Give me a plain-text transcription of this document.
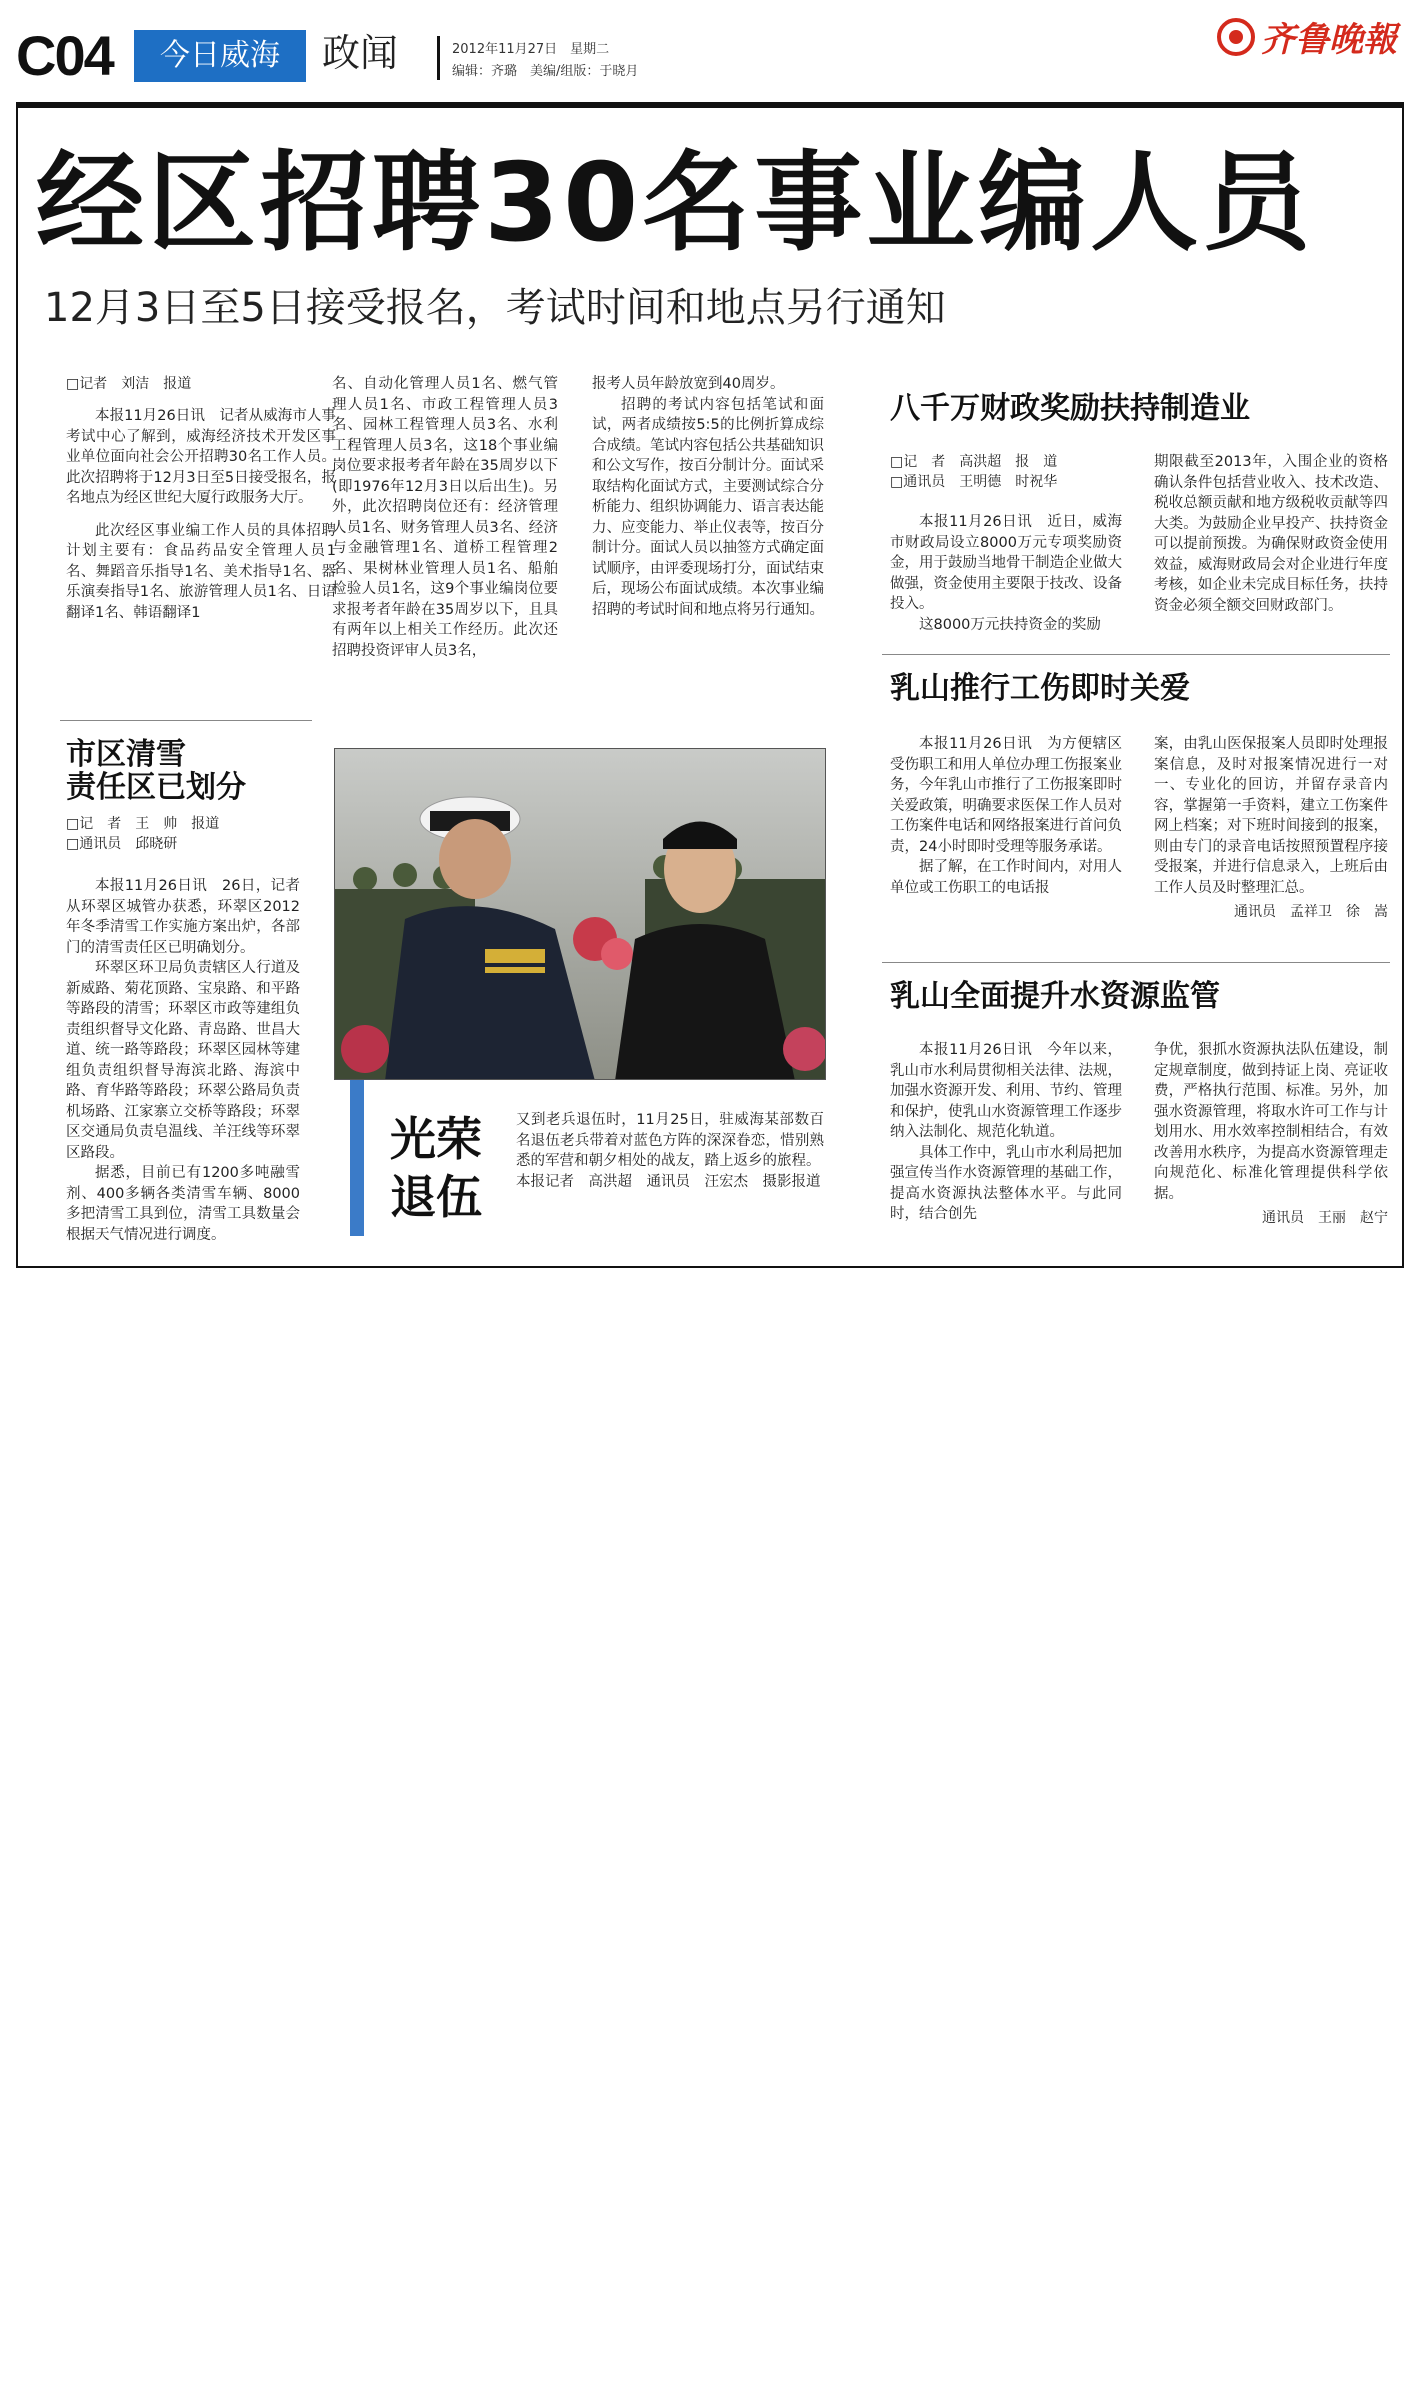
C04	今日威海	政闻	2012年11月27日　星期二
编辑：齐璐　美编/组版：于晓月
齐鲁晚報
经区招聘30名事业编人员
12月3日至5日接受报名，考试时间和地点另行通知
□记者　刘洁　报道

本报11月26日讯　记者从威海市人事考试中心了解到，威海经济技术开发区事业单位面向社会公开招聘30名工作人员。此次招聘将于12月3日至5日接受报名，报名地点为经区世纪大厦行政服务大厅。

此次经区事业编工作人员的具体招聘计划主要有：食品药品安全管理人员1名、舞蹈音乐指导1名、美术指导1名、器乐演奏指导1名、旅游管理人员1名、日语翻译1名、韩语翻译1

名、自动化管理人员1名、燃气管理人员1名、市政工程管理人员3名、园林工程管理人员3名、水利工程管理人员3名，这18个事业编岗位要求报考者年龄在35周岁以下(即1976年12月3日以后出生)。另外，此次招聘岗位还有：经济管理人员1名、财务管理人员3名、经济与金融管理1名、道桥工程管理2名、果树林业管理人员1名、船舶检验人员1名，这9个事业编岗位要求报考者年龄在35周岁以下，且具有两年以上相关工作经历。此次还招聘投资评审人员3名，
报考人员年龄放宽到40周岁。

招聘的考试内容包括笔试和面试，两者成绩按5:5的比例折算成综合成绩。笔试内容包括公共基础知识和公文写作，按百分制计分。面试采取结构化面试方式，主要测试综合分析能力、组织协调能力、语言表达能力、应变能力、举止仪表等，按百分制计分。面试人员以抽签方式确定面试顺序，由评委现场打分，面试结束后，现场公布面试成绩。本次事业编招聘的考试时间和地点将另行通知。

市区清雪
责任区已划分
□记　者　王　帅　报道
□通讯员　邱晓研

本报11月26日讯　26日，记者从环翠区城管办获悉，环翠区2012年冬季清雪工作实施方案出炉，各部门的清雪责任区已明确划分。

环翠区环卫局负责辖区人行道及新威路、菊花顶路、宝泉路、和平路等路段的清雪；环翠区市政等建组负责组织督导文化路、青岛路、世昌大道、统一路等路段；环翠区园林等建组负责组织督导海滨北路、海滨中路、育华路等路段；环翠公路局负责机场路、江家寨立交桥等路段；环翠区交通局负责皂温线、羊汪线等环翠区路段。

据悉，目前已有1200多吨融雪剂、400多辆各类清雪车辆、8000多把清雪工具到位，清雪工具数量会根据天气情况进行调度。

光荣退伍

又到老兵退伍时，11月25日，驻威海某部数百名退伍老兵带着对蓝色方阵的深深眷恋，惜别熟悉的军营和朝夕相处的战友，踏上返乡的旅程。

本报记者　高洪超　通讯员　汪宏杰　摄影报道
八千万财政奖励扶持制造业
□记　者　高洪超　报　道
□通讯员　王明德　时祝华

本报11月26日讯　近日，威海市财政局设立8000万元专项奖励资金，用于鼓励当地骨干制造企业做大做强，资金使用主要限于技改、设备投入。

这8000万元扶持资金的奖励

期限截至2013年，入围企业的资格确认条件包括营业收入、技术改造、税收总额贡献和地方级税收贡献等四大类。为鼓励企业早投产、扶持资金可以提前预拨。为确保财政资金使用效益，威海财政局会对企业进行年度考核，如企业未完成目标任务，扶持资金必须全额交回财政部门。
乳山推行工伤即时关爱

本报11月26日讯　为方便辖区受伤职工和用人单位办理工伤报案业务，今年乳山市推行了工伤报案即时关爱政策，明确要求医保工作人员对工伤案件电话和网络报案进行首问负责，24小时即时受理等服务承诺。

据了解，在工作时间内，对用人单位或工伤职工的电话报

案，由乳山医保报案人员即时处理报案信息，及时对报案情况进行一对一、专业化的回访，并留存录音内容，掌握第一手资料，建立工伤案件网上档案；对下班时间接到的报案，则由专门的录音电话按照预置程序接受报案，并进行信息录入，上班后由工作人员及时整理汇总。
通讯员　孟祥卫　徐　嵩
乳山全面提升水资源监管

本报11月26日讯　今年以来，乳山市水利局贯彻相关法律、法规，加强水资源开发、利用、节约、管理和保护，使乳山水资源管理工作逐步纳入法制化、规范化轨道。

具体工作中，乳山市水利局把加强宣传当作水资源管理的基础工作，提高水资源执法整体水平。与此同时，结合创先

争优，狠抓水资源执法队伍建设，制定规章制度，做到持证上岗、亮证收费，严格执行范围、标准。另外，加强水资源管理，将取水许可工作与计划用水、用水效率控制相结合，有效改善用水秩序，为提高水资源管理走向规范化、标准化管理提供科学依据。
通讯员　王丽　赵宁
